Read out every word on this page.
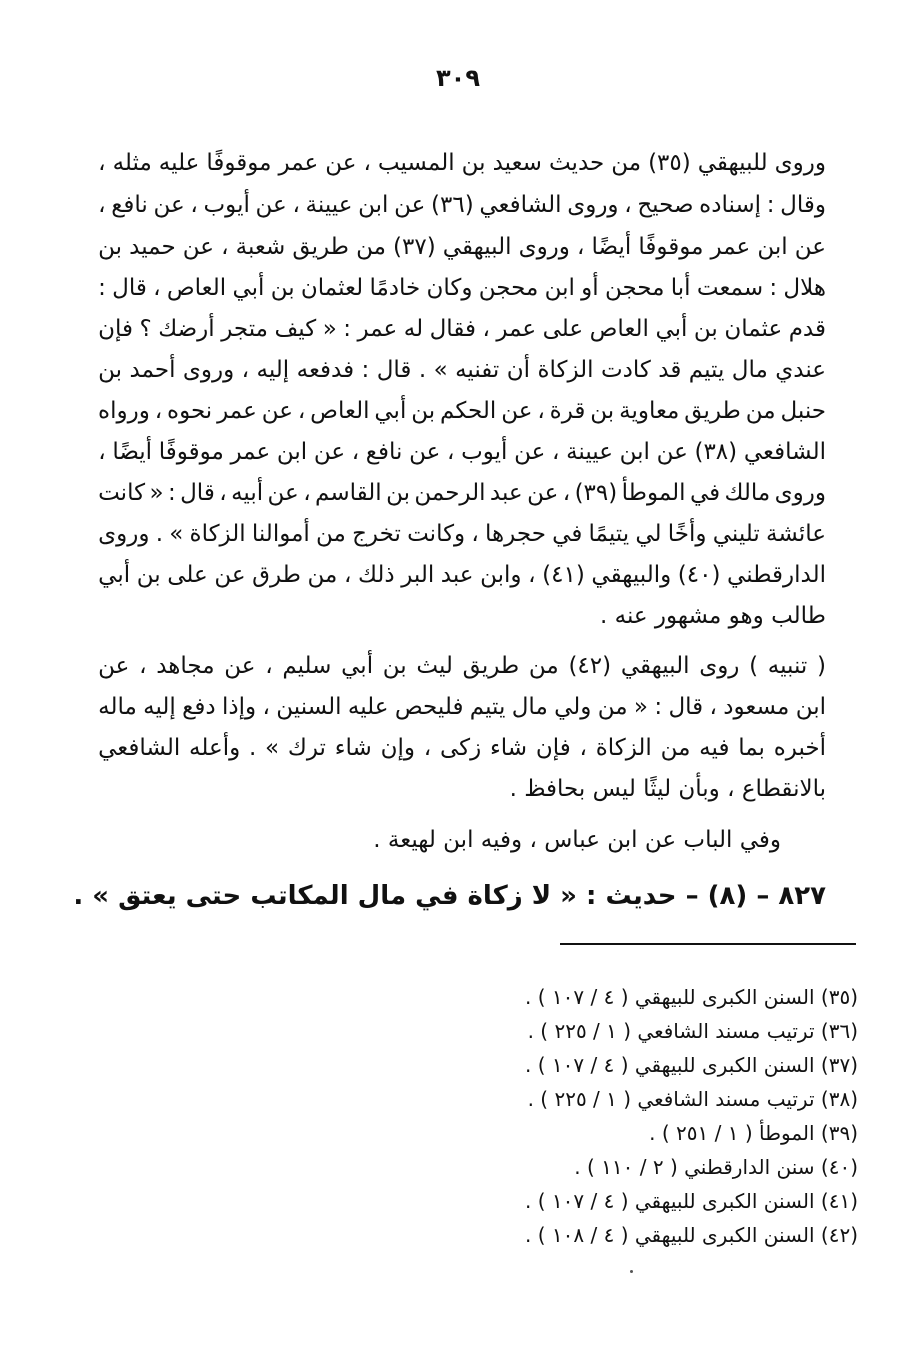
٣٠٩
وروى
للبيهقي
(٣٥)
من
حديث
سعيد
بن
المسيب
،
عن
عمر
موقوفًا
عليه
مثله
،
وقال
:
إسناده
صحيح
،
وروى
الشافعي
(٣٦)
عن
ابن
عيينة
،
عن
أيوب
،
عن
نافع
،
عن
ابن
عمر
موقوفًا
أيضًا
،
وروى
البيهقي
(٣٧)
من
طريق
شعبة
،
عن
حميد
بن
هلال
:
سمعت
أبا
محجن
أو
ابن
محجن
وكان
خادمًا
لعثمان
بن
أبي
العاص
،
قال
:
قدم
عثمان
بن
أبي
العاص
على
عمر
،
فقال
له
عمر
:
«
كيف
متجر
أرضك
؟
فإن
عندي
مال
يتيم
قد
كادت
الزكاة
أن
تفنيه
»
.
قال
:
فدفعه
إليه
،
وروى
أحمد
بن
حنبل
من
طريق
معاوية
بن
قرة
،
عن
الحكم
بن
أبي
العاص
،
عن
عمر
نحوه
،
ورواه
الشافعي
(٣٨)
عن
ابن
عيينة
،
عن
أيوب
،
عن
نافع
،
عن
ابن
عمر
موقوفًا
أيضًا
،
وروى
مالك
في
الموطأ
(٣٩)
،
عن
عبد
الرحمن
بن
القاسم
،
عن
أبيه
،
قال
:
«
كانت
عائشة
تليني
وأخًا
لي
يتيمًا
في
حجرها
،
وكانت
تخرج
من
أموالنا
الزكاة
»
.
وروى
الدارقطني
(٤٠)
والبيهقي
(٤١)
،
وابن
عبد
البر
ذلك
،
من
طرق
عن
على
بن
أبي
طالب وهو مشهور عنه .
(
تنبيه
)
روى
البيهقي
(٤٢)
من
طريق
ليث
بن
أبي
سليم
،
عن
مجاهد
،
عن
ابن
مسعود
،
قال
:
«
من
ولي
مال
يتيم
فليحص
عليه
السنين
،
وإذا
دفع
إليه
ماله
أخبره
بما
فيه
من
الزكاة
،
فإن
شاء
زكى
،
وإن
شاء
ترك
»
.
وأعله
الشافعي
بالانقطاع ، وبأن ليثًا ليس بحافظ .
وفي الباب عن ابن عباس ، وفيه ابن لهيعة .
٨٢٧ – (٨) – حديث : « لا زكاة في مال المكاتب حتى يعتق » .
(٣٥) السنن الكبرى للبيهقي ( ٤ / ١٠٧ ) .
(٣٦) ترتيب مسند الشافعي ( ١ / ٢٢٥ ) .
(٣٧) السنن الكبرى للبيهقي ( ٤ / ١٠٧ ) .
(٣٨) ترتيب مسند الشافعي ( ١ / ٢٢٥ ) .
(٣٩) الموطأ ( ١ / ٢٥١ ) .
(٤٠) سنن الدارقطني ( ٢ / ١١٠ ) .
(٤١) السنن الكبرى للبيهقي ( ٤ / ١٠٧ ) .
(٤٢) السنن الكبرى للبيهقي ( ٤ / ١٠٨ ) .
